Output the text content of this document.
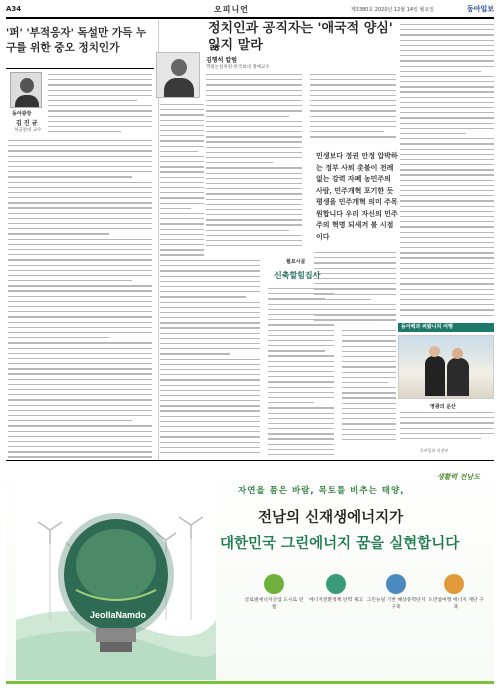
A34	오피니언	제3380호 2020년 12월 14일 월요일	동아일보
'퍼' '부적응자' 독설만 가득 누구를 위한 중오 정치인가
동아광장
김 진 균
성균관대 교수
정치인과 공직자는 '애국적 양심' 잃지 말라
김행석 칼럼
객원논설위원·한국외대 명예교수
민생보다 정권 안정 압박하는 정부 사퇴 촛불이 전례 없는 강력 자폐 농민주의 사람, 민주개혁 포기한 듯 평생을 민주개혁 의미 주목 원합니다 우리 자신의 민주주의 혁명 되새겨 볼 시점이다
월요시골
신축할힘집사
동아백과 써봤니처 여행
영광의 운산
동아일보 사진부
생활력 전남도
자연을 품은 바람, 목토를 비추는 태양,
전남의 신재생에너지가
대한민국 그린에너지 꿈을 실현합니다
JeollaNamdo
글로벌에너지산업 도시로 연결
에너지전환정책 탄력 제고 그린뉴딜 기반 해상풍력단지 구축
도민참여형 에너지 재단 구축
